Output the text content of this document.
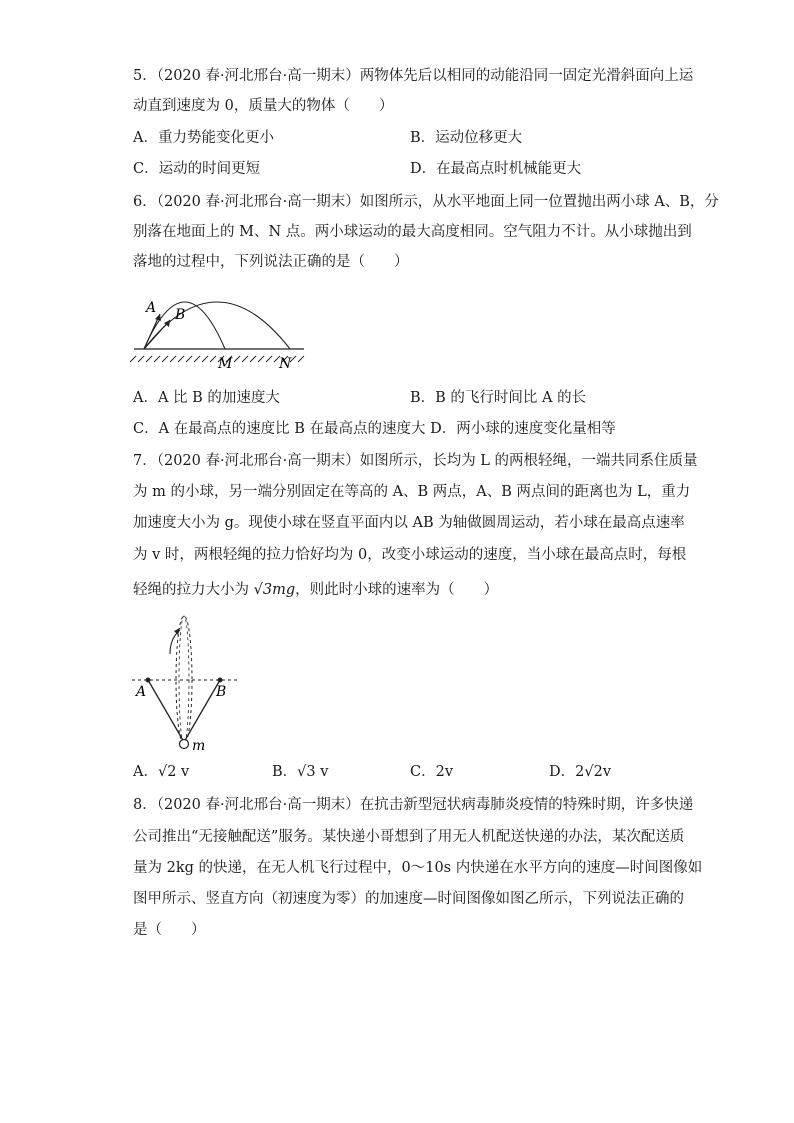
5．（2020 春·河北邢台·高一期末）两物体先后以相同的动能沿同一固定光滑斜面向上运
动直到速度为 0，质量大的物体（　　）
A．重力势能变化更小	B．运动位移更大
C．运动的时间更短	D．在最高点时机械能更大
6．（2020 春·河北邢台·高一期末）如图所示，从水平地面上同一位置抛出两小球 A、B，分
别落在地面上的 M、N 点。两小球运动的最大高度相同。空气阻力不计。从小球抛出到
落地的过程中，下列说法正确的是（　　）
A B
M	N
A．A 比 B 的加速度大	B．B 的飞行时间比 A 的长
C．A 在最高点的速度比 B 在最高点的速度大 D．两小球的速度变化量相等
7．（2020 春·河北邢台·高一期末）如图所示，长均为 L 的两根轻绳，一端共同系住质量
为 m 的小球，另一端分别固定在等高的 A、B 两点，A、B 两点间的距离也为 L，重力
加速度大小为 g。现使小球在竖直平面内以 AB 为轴做圆周运动，若小球在最高点速率
为 v 时，两根轻绳的拉力恰好均为 0，改变小球运动的速度，当小球在最高点时，每根
轻绳的拉力大小为 √3mg，则此时小球的速率为（　　）
A	B
m
A．√2 v	B．√3 v	C．2v	D．2√2v
8．（2020 春·河北邢台·高一期末）在抗击新型冠状病毒肺炎疫情的特殊时期，许多快递
公司推出“无接触配送”服务。某快递小哥想到了用无人机配送快递的办法，某次配送质
量为 2kg 的快递，在无人机飞行过程中，0～10s 内快递在水平方向的速度—时间图像如
图甲所示、竖直方向（初速度为零）的加速度—时间图像如图乙所示，下列说法正确的
是（　　）
